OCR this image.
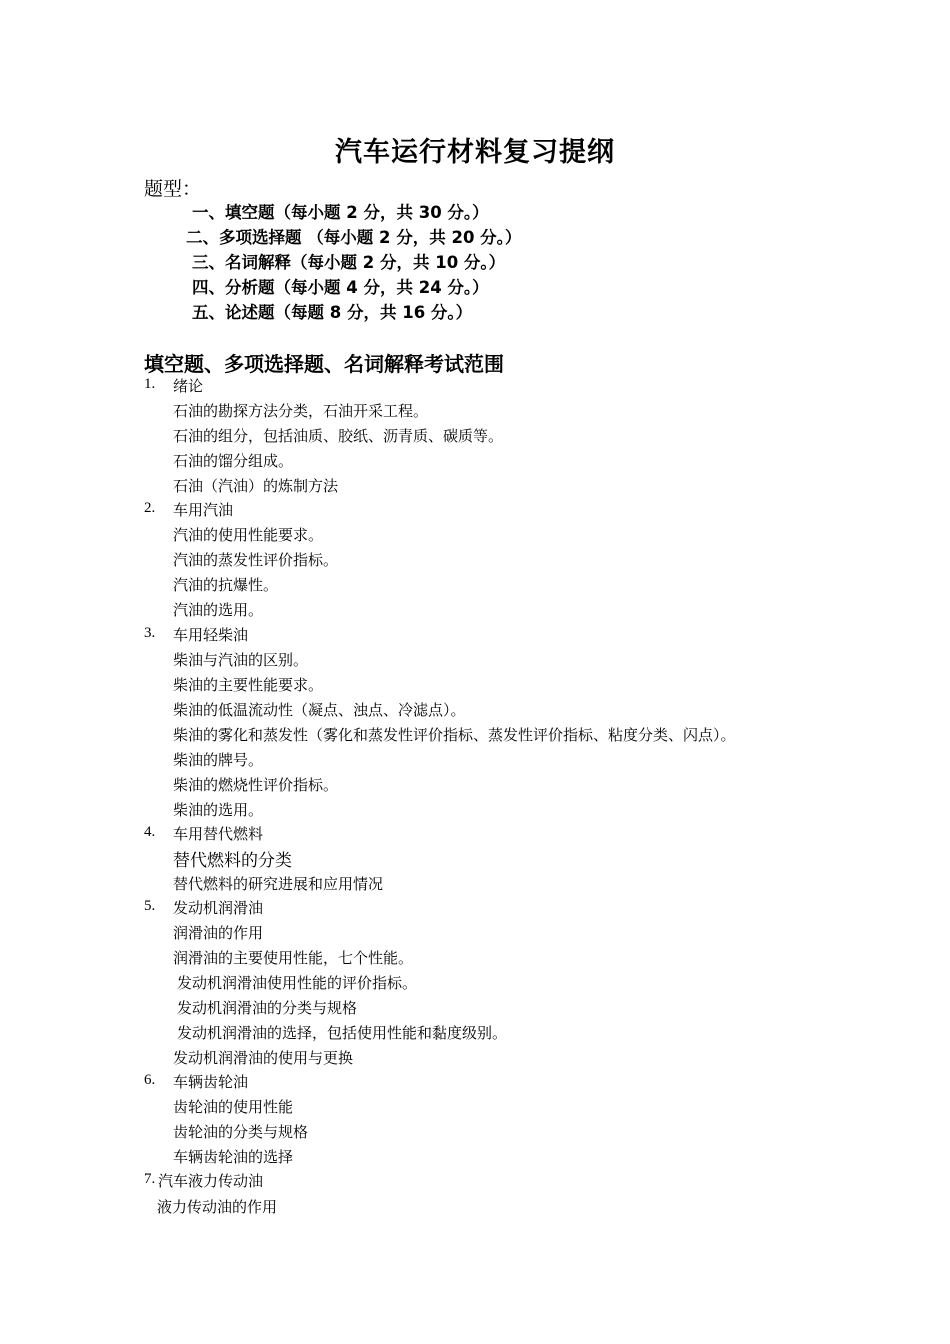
汽车运行材料复习提纲
题型：
一、填空题（每小题 2 分，共 30 分。）
二、多项选择题 （每小题 2 分，共 20 分。）
三、名词解释（每小题 2 分，共 10 分。）
四、分析题（每小题 4 分，共 24 分。）
五、论述题（每题 8 分，共 16 分。）
填空题、多项选择题、名词解释考试范围
1. 绪论
石油的勘探方法分类，石油开采工程。
石油的组分，包括油质、胶纸、沥青质、碳质等。
石油的馏分组成。
石油（汽油）的炼制方法
2. 车用汽油
汽油的使用性能要求。
汽油的蒸发性评价指标。
汽油的抗爆性。
汽油的选用。
3. 车用轻柴油
柴油与汽油的区别。
柴油的主要性能要求。
柴油的低温流动性（凝点、浊点、冷滤点）。
柴油的雾化和蒸发性（雾化和蒸发性评价指标、蒸发性评价指标、粘度分类、闪点）。
柴油的牌号。
柴油的燃烧性评价指标。
柴油的选用。
4. 车用替代燃料
替代燃料的分类
替代燃料的研究进展和应用情况
5. 发动机润滑油
润滑油的作用
润滑油的主要使用性能，七个性能。
发动机润滑油使用性能的评价指标。
发动机润滑油的分类与规格
发动机润滑油的选择，包括使用性能和黏度级别。
发动机润滑油的使用与更换
6. 车辆齿轮油
齿轮油的使用性能
齿轮油的分类与规格
车辆齿轮油的选择
7. 汽车液力传动油
液力传动油的作用
